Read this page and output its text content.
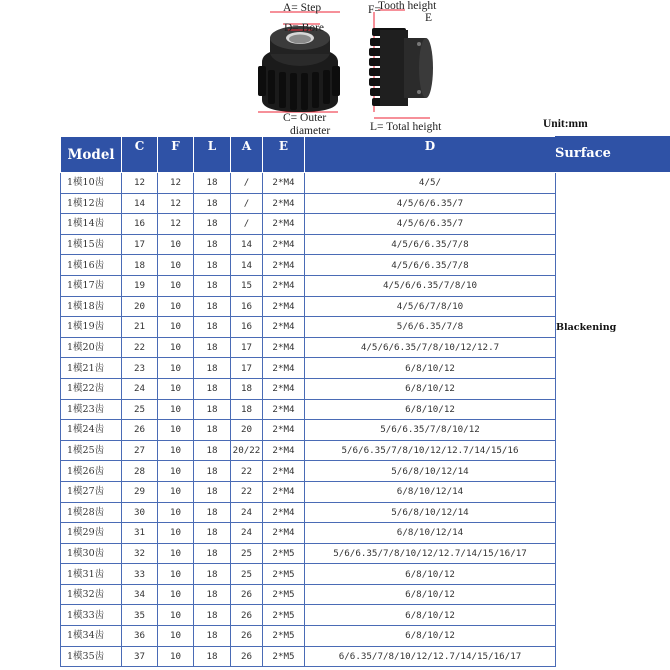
A= Step
D= Bore
C= Outer
diameter
F=
Tooth height
E
L= Total height	Unit:mm
Model	C	F	L	A	E	D
1模10齿	12	12	18	/	2*M4	4/5/
1模12齿	14	12	18	/	2*M4	4/5/6/6.35/7
1模14齿	16	12	18	/	2*M4	4/5/6/6.35/7
1模15齿	17	10	18	14	2*M4	4/5/6/6.35/7/8
1模16齿	18	10	18	14	2*M4	4/5/6/6.35/7/8
1模17齿	19	10	18	15	2*M4	4/5/6/6.35/7/8/10
1模18齿	20	10	18	16	2*M4	4/5/6/7/8/10
1模19齿	21	10	18	16	2*M4	5/6/6.35/7/8
1模20齿	22	10	18	17	2*M4	4/5/6/6.35/7/8/10/12/12.7
1模21齿	23	10	18	17	2*M4	6/8/10/12
1模22齿	24	10	18	18	2*M4	6/8/10/12
1模23齿	25	10	18	18	2*M4	6/8/10/12
1模24齿	26	10	18	20	2*M4	5/6/6.35/7/8/10/12
1模25齿	27	10	18	20/22	2*M4	5/6/6.35/7/8/10/12/12.7/14/15/16
1模26齿	28	10	18	22	2*M4	5/6/8/10/12/14
1模27齿	29	10	18	22	2*M4	6/8/10/12/14
1模28齿	30	10	18	24	2*M4	5/6/8/10/12/14
1模29齿	31	10	18	24	2*M4	6/8/10/12/14
1模30齿	32	10	18	25	2*M5	5/6/6.35/7/8/10/12/12.7/14/15/16/17
1模31齿	33	10	18	25	2*M5	6/8/10/12
1模32齿	34	10	18	26	2*M5	6/8/10/12
1模33齿	35	10	18	26	2*M5	6/8/10/12
1模34齿	36	10	18	26	2*M5	6/8/10/12
1模35齿	37	10	18	26	2*M5	6/6.35/7/8/10/12/12.7/14/15/16/17
Surface
Blackening
